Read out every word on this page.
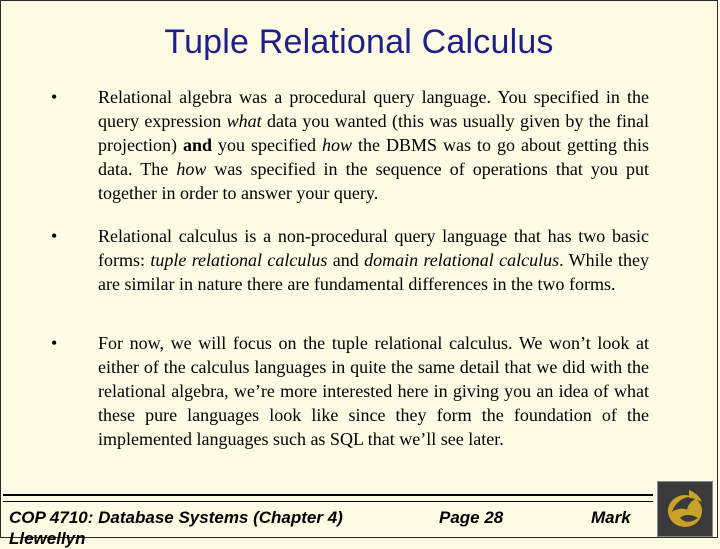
Tuple Relational Calculus
• Relational algebra was a procedural query language. You specified in the query expression what data you wanted (this was usually given by the final projection) and you specified how the DBMS was to go about getting this data. The how was specified in the sequence of operations that you put together in order to answer your query.
• Relational calculus is a non-procedural query language that has two basic forms: tuple relational calculus and domain relational calculus. While they are similar in nature there are fundamental differences in the two forms.
• For now, we will focus on the tuple relational calculus. We won’t look at either of the calculus languages in quite the same detail that we did with the relational algebra, we’re more interested here in giving you an idea of what these pure languages look like since they form the foundation of the implemented languages such as SQL that we’ll see later.
COP 4710: Database Systems (Chapter 4)	Page 28	Mark
Llewellyn
